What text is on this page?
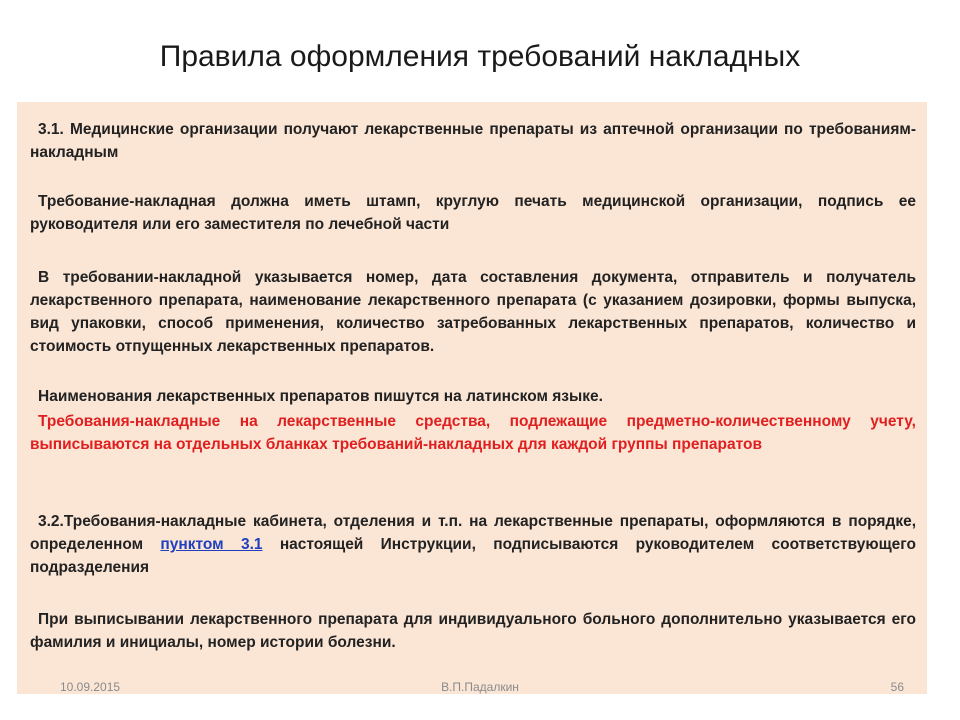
Правила оформления требований накладных
3.1. Медицинские организации получают лекарственные препараты из аптечной организации по требованиям-накладным
Требование-накладная должна иметь штамп, круглую печать медицинской организации, подпись ее руководителя или его заместителя по лечебной части
В требовании-накладной указывается номер, дата составления документа, отправитель и получатель лекарственного препарата, наименование лекарственного препарата (с указанием дозировки, формы выпуска, вид упаковки, способ применения, количество затребованных лекарственных препаратов, количество и стоимость отпущенных лекарственных препаратов.
Наименования лекарственных препаратов пишутся на латинском языке.
Требования-накладные на лекарственные средства, подлежащие предметно-количественному учету, выписываются на отдельных бланках требований-накладных для каждой группы препаратов
3.2.Требования-накладные кабинета, отделения и т.п. на лекарственные препараты, оформляются в порядке, определенном пунктом 3.1 настоящей Инструкции, подписываются руководителем соответствующего подразделения
При выписывании лекарственного препарата для индивидуального больного дополнительно указывается его фамилия и инициалы, номер истории болезни.
10.09.2015	В.П.Падалкин	56
